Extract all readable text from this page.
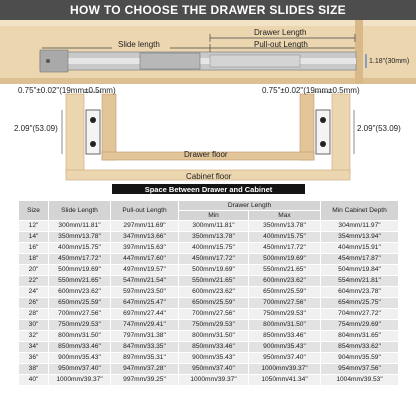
HOW TO CHOOSE THE DRAWER SLIDES SIZE
Drawer Length
Slide length	Pull-out Length
1.18"(30mm)
0.75"±0.02"(19mm±0.5mm)	0.75"±0.02"(19mm±0.5mm)
2.09"(53.09)	2.09"(53.09)
Drawer floor
Cabinet floor
Space Between Drawer and Cabinet
Size	Slide Length	Pull-out Length	Drawer Length		Min Cabinet Depth
			Min	Max	
12"	300mm/11.81"	297mm/11.69"	300mm/11.81"	350mm/13.78"	304mm/11.97"
14"	350mm/13.78"	347mm/13.66"	350mm/13.78"	400mm/15.75"	354mm/13.94"
16"	400mm/15.75"	397mm/15.63"	400mm/15.75"	450mm/17.72"	404mm/15.91"
18"	450mm/17.72"	447mm/17.60"	450mm/17.72"	500mm/19.69"	454mm/17.87"
20"	500mm/19.69"	497mm/19.57"	500mm/19.69"	550mm/21.65"	504mm/19.84"
22"	550mm/21.65"	547mm/21.54"	550mm/21.65"	600mm/23.62"	554mm/21.81"
24"	600mm/23.62"	597mm/23.50"	600mm/23.62"	650mm/25.59"	604mm/23.78"
26"	650mm/25.59"	647mm/25.47"	650mm/25.59"	700mm/27.56"	654mm/25.75"
28"	700mm/27.56"	697mm/27.44"	700mm/27.56"	750mm/29.53"	704mm/27.72"
30"	750mm/29.53"	747mm/29.41"	750mm/29.53"	800mm/31.50"	754mm/29.69"
32"	800mm/31.50"	797mm/31.38"	800mm/31.50"	850mm/33.46"	804mm/31.65"
34"	850mm/33.46"	847mm/33.35"	850mm/33.46"	900mm/35.43"	854mm/33.62"
36"	900mm/35.43"	897mm/35.31"	900mm/35.43"	950mm/37.40"	904mm/35.59"
38"	950mm/37.40"	947mm/37.28"	950mm/37.40"	1000mm/39.37"	954mm/37.56"
40"	1000mm/39.37"	997mm/39.25"	1000mm/39.37"	1050mm/41.34"	1004mm/39.53"
